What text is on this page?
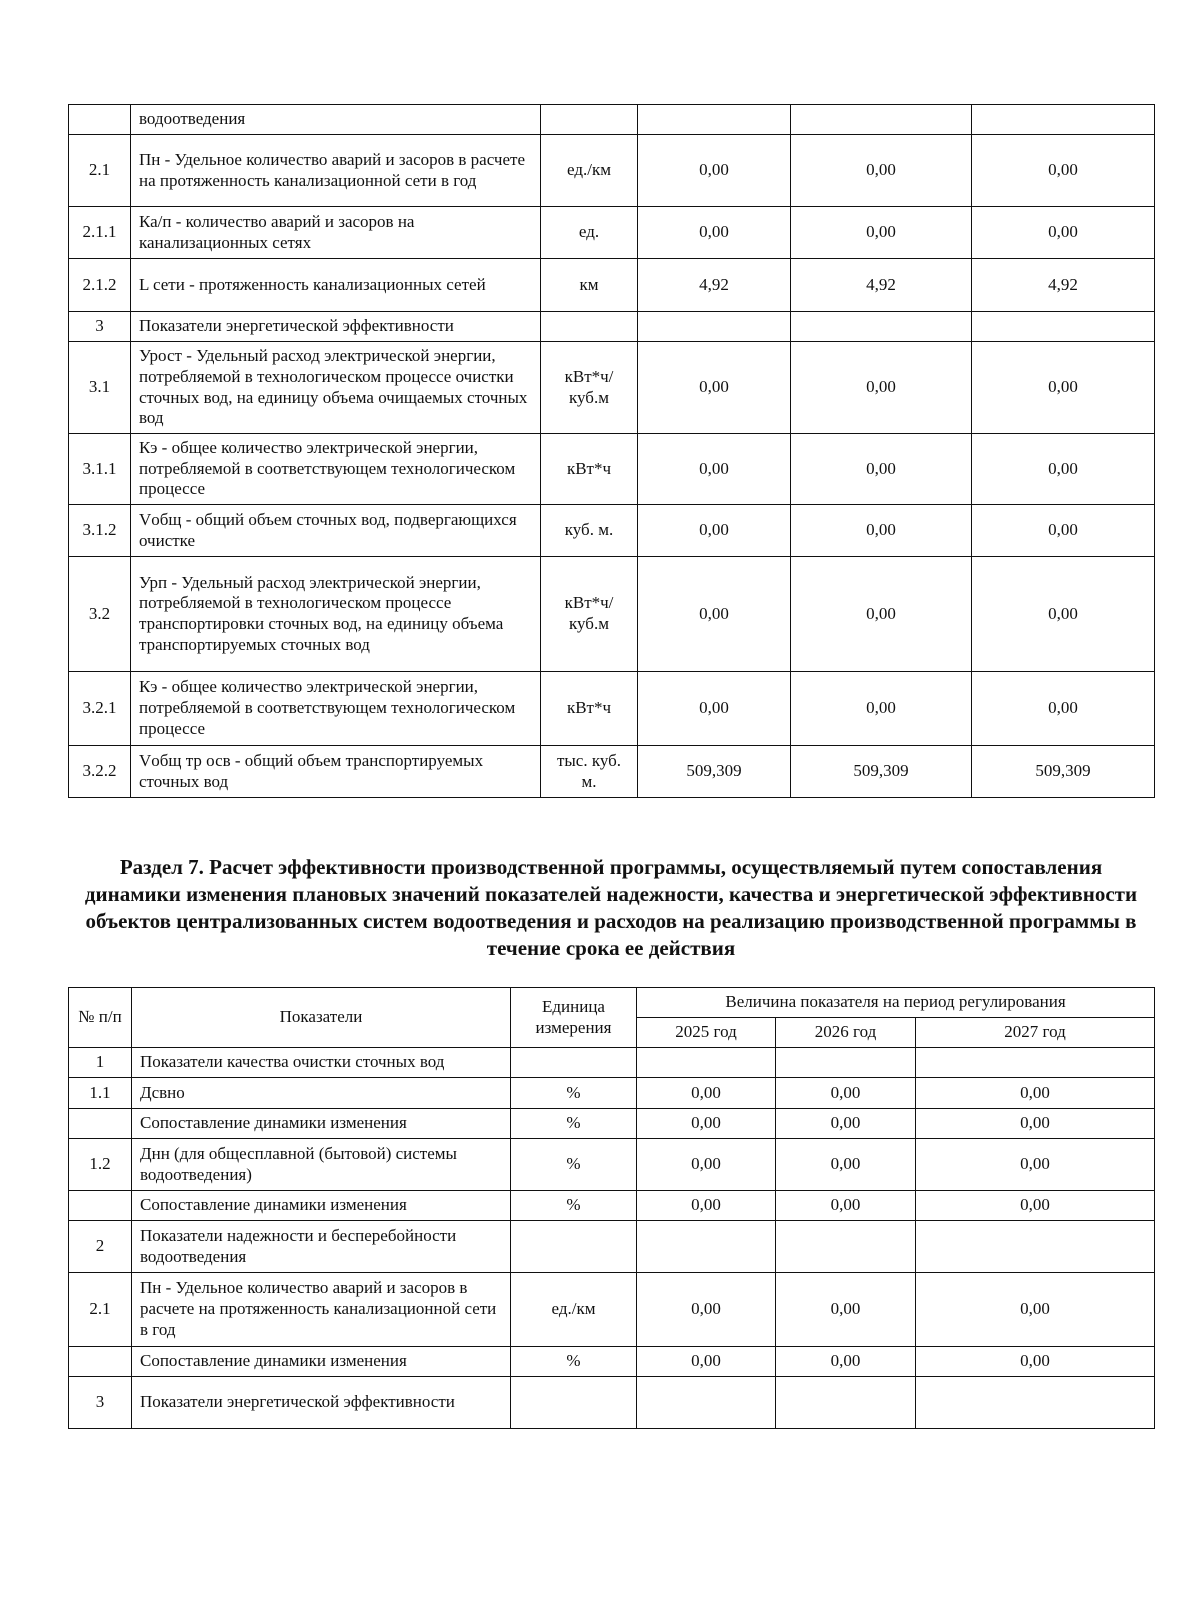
	водоотведения				
2.1	Пн - Удельное количество аварий и засоров в расчете на протяженность канализационной сети в год	ед./км	0,00	0,00	0,00
2.1.1	Ка/п - количество аварий и засоров на канализационных сетях	ед.	0,00	0,00	0,00
2.1.2	L сети - протяженность канализационных сетей	км	4,92	4,92	4,92
3	Показатели энергетической эффективности				
3.1	Урост - Удельный расход электрической энергии, потребляемой в технологическом процессе очистки сточных вод, на единицу объема очищаемых сточных вод	кВт*ч/куб.м	0,00	0,00	0,00
3.1.1	Кэ - общее количество электрической энергии, потребляемой в соответствующем технологическом процессе	кВт*ч	0,00	0,00	0,00
3.1.2	Vобщ - общий объем сточных вод, подвергающихся очистке	куб. м.	0,00	0,00	0,00
3.2	Урп - Удельный расход электрической энергии, потребляемой в технологическом процессе транспортировки сточных вод, на единицу объема транспортируемых сточных вод	кВт*ч/куб.м	0,00	0,00	0,00
3.2.1	Кэ - общее количество электрической энергии, потребляемой в соответствующем технологическом процессе	кВт*ч	0,00	0,00	0,00
3.2.2	Vобщ тр осв - общий объем транспортируемых сточных вод	тыс. куб. м.	509,309	509,309	509,309
Раздел 7. Расчет эффективности производственной программы, осуществляемый путем сопоставления динамики изменения плановых значений показателей надежности, качества и энергетической эффективности объектов централизованных систем водоотведения и расходов на реализацию производственной программы в течение срока ее действия
№ п/п	Показатели	Единица измерения	Величина показателя на период регулирования		
			2025 год	2026 год	2027 год
1	Показатели качества очистки сточных вод				
1.1	Дсвно	%	0,00	0,00	0,00
	Сопоставление динамики изменения	%	0,00	0,00	0,00
1.2	Днн (для общесплавной (бытовой) системы водоотведения)	%	0,00	0,00	0,00
	Сопоставление динамики изменения	%	0,00	0,00	0,00
2	Показатели надежности и бесперебойности водоотведения				
2.1	Пн - Удельное количество аварий и засоров в расчете на протяженность канализационной сети в год	ед./км	0,00	0,00	0,00
	Сопоставление динамики изменения	%	0,00	0,00	0,00
3	Показатели энергетической эффективности				
